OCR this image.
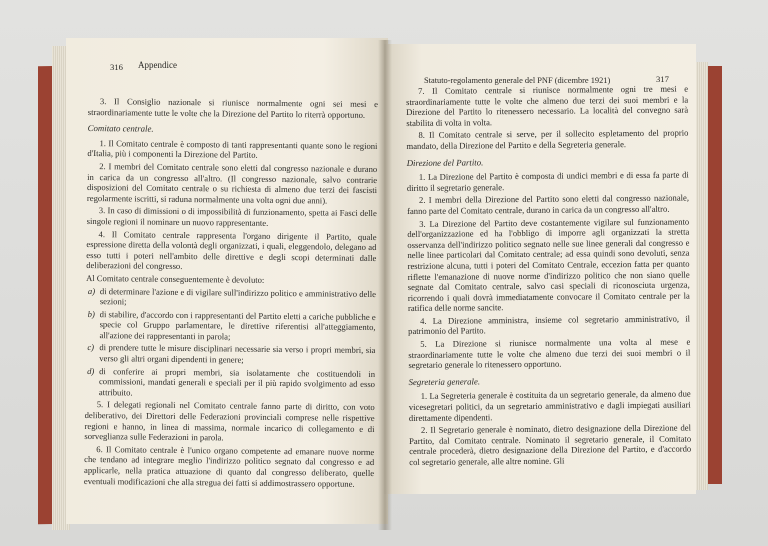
316 Appendice

3. Il Consiglio nazionale si riunisce normalmente ogni sei mesi e straordinariamente tutte le volte che la Direzione del Partito lo riterrà opportuno.

Comitato centrale.

1. Il Comitato centrale è composto di tanti rappresentanti quante sono le regioni d'Italia, più i componenti la Direzione del Partito.

2. I membri del Comitato centrale sono eletti dal congresso nazionale e durano in carica da un congresso all'altro. (Il congresso nazionale, salvo contrarie disposizioni del Comitato centrale o su richiesta di almeno due terzi dei fascisti regolarmente iscritti, si raduna normalmente una volta ogni due anni).

3. In caso di dimissioni o di impossibilità di funzionamento, spetta ai Fasci delle singole regioni il nominare un nuovo rappresentante.

4. Il Comitato centrale rappresenta l'organo dirigente il Partito, quale espressione diretta della volontà degli organizzati, i quali, eleggendolo, delegano ad esso tutti i poteri nell'ambito delle direttive e degli scopi determinati dalle deliberazioni del congresso.

Al Comitato centrale conseguentemente è devoluto:

a) di determinare l'azione e di vigilare sull'indirizzo politico e amministrativo delle sezioni;

b) di stabilire, d'accordo con i rappresentanti del Partito eletti a cariche pubbliche e specie col Gruppo parlamentare, le direttive riferentisi all'atteggiamento, all'azione dei rappresentanti in parola;

c) di prendere tutte le misure disciplinari necessarie sia verso i propri membri, sia verso gli altri organi dipendenti in genere;

d) di conferire ai propri membri, sia isolatamente che costituendoli in commissioni, mandati generali e speciali per il più rapido svolgimento ad esso attribuito.

5. I delegati regionali nel Comitato centrale fanno parte di diritto, con voto deliberativo, dei Direttori delle Federazioni provinciali comprese nelle rispettive regioni e hanno, in linea di massima, normale incarico di collegamento e di sorveglianza sulle Federazioni in parola.

6. Il Comitato centrale è l'unico organo competente ad emanare nuove norme che tendano ad integrare meglio l'indirizzo politico segnato dal congresso e ad applicarle, nella pratica attuazione di quanto dal congresso deliberato, quelle eventuali modificazioni che alla stregua dei fatti si addimostrassero opportune.

Statuto-regolamento generale del PNF (dicembre 1921)	317

7. Il Comitato centrale si riunisce normalmente ogni tre mesi e straordinariamente tutte le volte che almeno due terzi dei suoi membri e la Direzione del Partito lo ritenessero necessario. La località del convegno sarà stabilita di volta in volta.

8. Il Comitato centrale si serve, per il sollecito espletamento del proprio mandato, della Direzione del Partito e della Segreteria generale.

Direzione del Partito.

1. La Direzione del Partito è composta di undici membri e di essa fa parte di diritto il segretario generale.

2. I membri della Direzione del Partito sono eletti dal congresso nazionale, fanno parte del Comitato centrale, durano in carica da un congresso all'altro.

3. La Direzione del Partito deve costantemente vigilare sul funzionamento dell'organizzazione ed ha l'obbligo di imporre agli organizzati la stretta osservanza dell'indirizzo politico segnato nelle sue linee generali dal congresso e nelle linee particolari dal Comitato centrale; ad essa quindi sono devoluti, senza restrizione alcuna, tutti i poteri del Comitato Centrale, eccezion fatta per quanto riflette l'emanazione di nuove norme d'indirizzo politico che non siano quelle segnate dal Comitato centrale, salvo casi speciali di riconosciuta urgenza, ricorrendo i quali dovrà immediatamente convocare il Comitato centrale per la ratifica delle norme sancite.

4. La Direzione amministra, insieme col segretario amministrativo, il patrimonio del Partito.

5. La Direzione si riunisce normalmente una volta al mese e straordinariamente tutte le volte che almeno due terzi dei suoi membri o il segretario generale lo ritenessero opportuno.

Segreteria generale.

1. La Segreteria generale è costituita da un segretario generale, da almeno due vicesegretari politici, da un segretario amministrativo e dagli impiegati ausiliari direttamente dipendenti.

2. Il Segretario generale è nominato, dietro designazione della Direzione del Partito, dal Comitato centrale. Nominato il segretario generale, il Comitato centrale procederà, dietro designazione della Direzione del Partito, e d'accordo col segretario generale, alle altre nomine. Gli
